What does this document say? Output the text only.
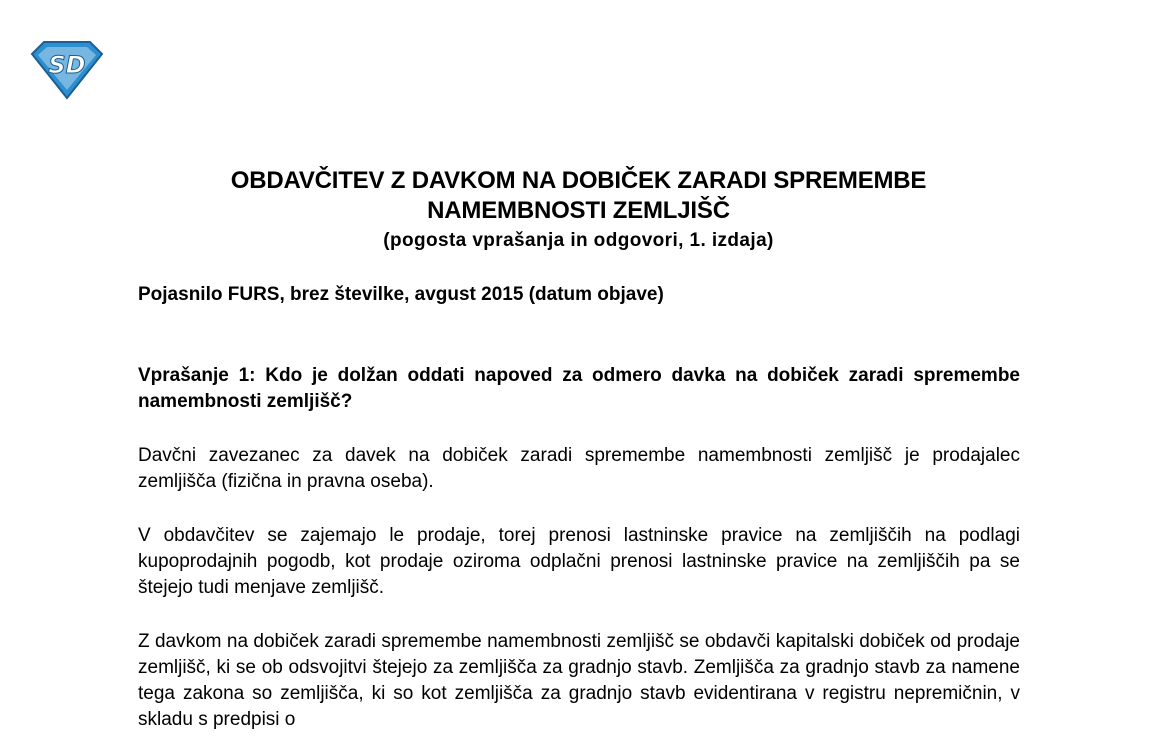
SD
OBDAVČITEV Z DAVKOM NA DOBIČEK ZARADI SPREMEMBE
NAMEMBNOSTI ZEMLJIŠČ
(pogosta vprašanja in odgovori, 1. izdaja)
Pojasnilo FURS, brez številke, avgust 2015 (datum objave)
Vprašanje 1: Kdo je dolžan oddati napoved za odmero davka na dobiček zaradi spremembe namembnosti zemljišč?
Davčni zavezanec za davek na dobiček zaradi spremembe namembnosti zemljišč je prodajalec zemljišča (fizična in pravna oseba).
V obdavčitev se zajemajo le prodaje, torej prenosi lastninske pravice na zemljiščih na podlagi kupoprodajnih pogodb, kot prodaje oziroma odplačni prenosi lastninske pravice na zemljiščih pa se štejejo tudi menjave zemljišč.
Z davkom na dobiček zaradi spremembe namembnosti zemljišč se obdavči kapitalski dobiček od prodaje zemljišč, ki se ob odsvojitvi štejejo za zemljišča za gradnjo stavb. Zemljišča za gradnjo stavb za namene tega zakona so zemljišča, ki so kot zemljišča za gradnjo stavb evidentirana v registru nepremičnin, v skladu s predpisi o
